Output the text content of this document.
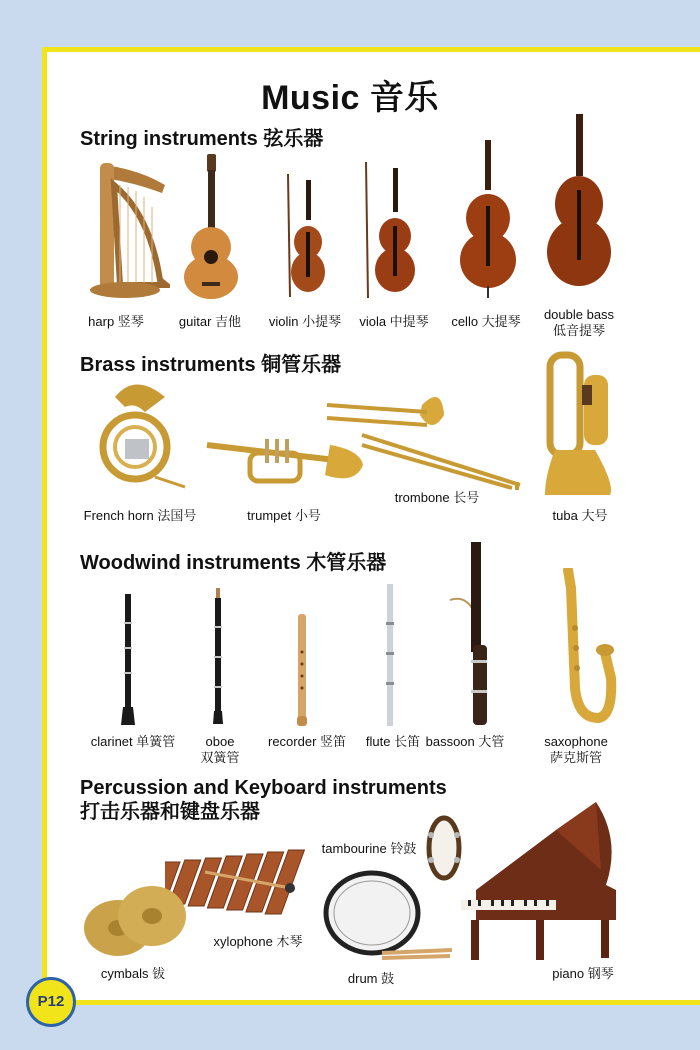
Music 音乐
String instruments 弦乐器
harp 竖琴	guitar 吉他 violin 小提琴 viola 中提琴 cello 大提琴 double bass
低音提琴
Brass instruments 铜管乐器
French horn 法国号	trumpet 小号
trombone 长号
tuba 大号
Woodwind instruments 木管乐器
clarinet 单簧管	oboe
双簧管
recorder 竖笛 flute 长笛 bassoon 大管	saxophone
萨克斯管
Percussion and Keyboard instruments
打击乐器和键盘乐器
xylophone 木琴
tambourine 铃鼓
cymbals 钹	drum 鼓	piano 钢琴
P12
